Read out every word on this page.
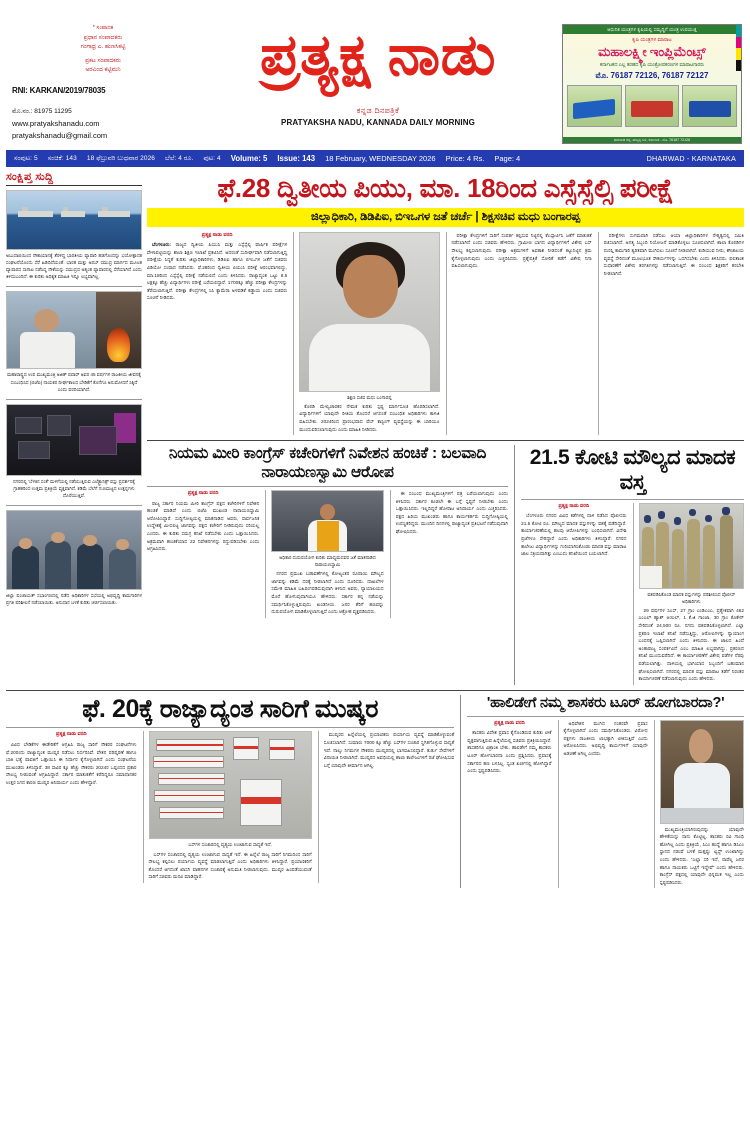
* ಸಂಪಾದಕ
ಪ್ರಧಾನ ಸಂಪಾದಕರು
ಗಂಗಾಧ್ರ ಎ. ಹುಣಸಿಕಟ್ಟಿ
ಪ್ರಕಟ ಸಂಪಾದಕರು
ಅರವಿಂದ ಕಟ್ಟಿಮನಿ
RNI: KARKAN/2019/78035
ಮೊ.ನಂ.: 81975 11295
www.pratyakshanadu.com
pratyakshanadu@gmail.com
ಪ್ರತ್ಯಕ್ಷ ನಾಡು
ಕನ್ನಡ ದಿನಪತ್ರಿಕೆ
PRATYAKSHA NADU, KANNADA DAILY MORNING
ಆಧುನಿಕ ಯಂತ್ರಗಳ ಕೃಷಿಯಲ್ಲಿ ಸಮೃದ್ಧಿಗೆ ಯಂತ್ರ ಉಪಯುಕ್ತ
ಕೃಷಿ ಯಂತ್ರಗಳ ಮಾರಾಟ
ಮಹಾಲಕ್ಷ್ಮೀ ಇಂಪ್ಲಿಮೆಂಟ್ಸ್
ಕರ್ನಾಟಕದ ಎಲ್ಲ ತರಹದ ಕೃಷಿ ಯಂತ್ರೋಪಕರಣಗಳ ಮಾರಾಟಗಾರರು
ಮೊ. 76187 72126, 76187 72127
ಧಾರವಾಡ ರಸ್ತೆ, ಹುಬ್ಬಳ್ಳಿ ಬಳಿ, ಕರ್ನಾಟಕ - ಮೊ. 76187 72126
ಸಂಪುಟ: 5 ಸಂಚಿಕೆ: 143 18 ಫೆಬ್ರುವರಿ ಬುಧವಾರ 2026 ಬೆಲೆ: 4 ರೂ. ಪುಟ: 4 Volume: 5 Issue: 143 18 February, WEDNESDAY 2026 Price: 4 Rs. Page: 4	DHARWAD - KARNATAKA
ಸಂಕ್ಷಿಪ್ತ ಸುದ್ದಿ
ಅಬುದಾಬಿಯಿಂದ ನೌಕಾಯಾನಕ್ಕೆ ತೆರಳಿದ್ದ ಭಾರತೀಯ ವ್ಯಾಪಾರಿ ಹಡಗೊಂದನ್ನು ಭಯೋತ್ಪಾದಕ ಸಂಘಟನೆಯೊಂದು ಸೆರೆ ಹಿಡಿದಿದೆಯಂತೆ. ಭಾರತ ಮತ್ತು ಅರಬ್ ಸಮುದ್ರ ಮಾರ್ಗದ ಮೂಲಕ ವ್ಯಾಪಾರದ ಸಾಗಾಟ ನಡೆಸಿದ್ದ ನೌಕೆಯನ್ನು ಸಮುದ್ರದ ಅತ್ಯಂತ ವ್ಯಾಪಾರದಲ್ಲಿ ಸೆರೆಯಾಗಿದೆ ಎಂದು ತಿಳಿದುಬಂದಿದೆ. ಈ ಕುರಿತು ಅಧಿಕೃತ ಮಾಹಿತಿ ಇನ್ನೂ ಲಭ್ಯವಾಗಿಲ್ಲ.
ಮಹಾರಾಷ್ಟ್ರದ ಉಪ ಮುಖ್ಯಮಂತ್ರಿ ಅಜಿತ್ ಪವಾರ್ ಅವರ 45 ವರ್ಷಗಳ ರಾಜಕೀಯ ಜೀವನಕ್ಕೆ ಸಂಬಂಧಿಸಿದ (ಬಿಜೆಪಿ) ನಾಯಕರ ದೀರ್ಘಕಾಲದ ಬೇಡಿಕೆಗೆ ಕೊನೆಗೂ ಅನುಮೋದನೆ ಸಿಕ್ಕಿದೆ ಎಂದು ವರದಿಯಾಗಿದೆ.
ನಗರದಲ್ಲಿ 'ಬೆಳಕಿನ ಸಂತೆ' ಮಳಿಗೆಯಲ್ಲಿ ನಡೆಯುತ್ತಿರುವ ಎಲೆಕ್ಟ್ರಾನಿಕ್ಸ್ ವಸ್ತು ಪ್ರದರ್ಶನಕ್ಕೆ ಗ್ರಾಹಕರಿಂದ ಉತ್ತಮ ಪ್ರತಿಕ್ರಿಯೆ ವ್ಯಕ್ತವಾಗಿದೆ. ಕಡಿಮೆ ಬೆಲೆಗೆ ಗುಣಮಟ್ಟದ ಉತ್ಪನ್ನಗಳು ದೊರೆಯುತ್ತಿವೆ.
ಜಿಲ್ಲಾ ಪಂಚಾಯತ್ ಸಭಾಂಗಣದಲ್ಲಿ ನಡೆದ ಅಧಿಕಾರಿಗಳ ಸಭೆಯಲ್ಲಿ ಅಭಿವೃದ್ಧಿ ಕಾಮಗಾರಿಗಳ ಪ್ರಗತಿ ಪರಿಶೀಲನೆ ನಡೆಸಲಾಯಿತು. ಅನುದಾನ ಬಳಕೆ ಕುರಿತು ಚರ್ಚಿಸಲಾಯಿತು.
ಫೆ.28 ದ್ವಿತೀಯ ಪಿಯು, ಮಾ. 18ರಿಂದ ಎಸ್ಸೆಸ್ಸೆಲ್ಸಿ ಪರೀಕ್ಷೆ
ಜಿಲ್ಲಾಧಿಕಾರಿ, ಡಿಡಿಪಿಐ, ಬಿಇಒಗಳ ಜತೆ ಚರ್ಚೆ | ಶಿಕ್ಷಸಚಿವ ಮಧು ಬಂಗಾರಪ್ಪ
ಪ್ರತ್ಯಕ್ಷ ನಾಡು ವರದಿ

ಬೆಂಗಳೂರು: ರಾಜ್ಯದ ದ್ವಿತೀಯ ಪಿಯುಸಿ ಮತ್ತು ಎಸ್ಸೆಸ್ಸೆಲ್ಸಿ ವಾರ್ಷಿಕ ಪರೀಕ್ಷೆಗಳ ವೇಳಾಪಟ್ಟಿಯನ್ನು ಶಾಲಾ ಶಿಕ್ಷಣ ಇಲಾಖೆ ಪ್ರಕಟಿಸಿದೆ. ಅದರಂತೆ ಸುದೀರ್ಘವಾಗಿ ನಡೆಸಲಾಗುತ್ತಿದ್ದ ಪರೀಕ್ಷೆಯ ಸಿದ್ಧತೆ ಕುರಿತು ಜಿಲ್ಲಾಧಿಕಾರಿಗಳು, ಡಿಡಿಪಿಐ ಹಾಗೂ ಬಿಇಒಗಳ ಜತೆಗೆ ಸಚಿವರು ವಿಡಿಯೋ ಸಂವಾದ ನಡೆಸಿದರು. ಫೆ.28ರಿಂದ ದ್ವಿತೀಯ ಪಿಯುಸಿ ಪರೀಕ್ಷೆ ಆರಂಭವಾಗಲಿದ್ದು, ಮಾ.18ರಿಂದ ಎಸ್ಸೆಸ್ಸೆಲ್ಸಿ ಪರೀಕ್ಷೆ ನಡೆಯಲಿದೆ ಎಂದು ತಿಳಿಸಿದರು. ರಾಜ್ಯಾದ್ಯಂತ ಒಟ್ಟು 8.5 ಲಕ್ಷಕ್ಕೂ ಹೆಚ್ಚು ವಿದ್ಯಾರ್ಥಿಗಳು ಪರೀಕ್ಷೆ ಬರೆಯಲಿದ್ದಾರೆ. 1700ಕ್ಕೂ ಹೆಚ್ಚು ಪರೀಕ್ಷಾ ಕೇಂದ್ರಗಳನ್ನು ತೆರೆಯಲಾಗುತ್ತಿದೆ. ಪರೀಕ್ಷಾ ಕೇಂದ್ರಗಳಲ್ಲಿ ಸಿಸಿ ಕ್ಯಾಮೆರಾ ಅಳವಡಿಕೆ ಕಡ್ಡಾಯ ಎಂದು ಸಚಿವರು ಸೂಚನೆ ನೀಡಿದರು.

ಶಿಕ್ಷಣ ಸಚಿವ ಮಧು ಬಂಗಾರಪ್ಪ

ಕೊಠಡಿ ಮೇಲ್ವಿಚಾರಕರ ನೇಮಕ ಕುರಿತು ಸ್ಪಷ್ಟ ಮಾರ್ಗಸೂಚಿ ಹೊರಡಿಸಲಾಗಿದೆ. ವಿದ್ಯಾರ್ಥಿಗಳಿಗೆ ಯಾವುದೇ ರೀತಿಯ ತೊಂದರೆ ಆಗದಂತೆ ಸಂಬಂಧಿತ ಅಧಿಕಾರಿಗಳು ಕಾಳಜಿ ವಹಿಸಬೇಕು. 2024ರಿಂದ ಪ್ರಾರಂಭವಾದ ವೆಬ್ ಕಾಸ್ಟಿಂಗ್ ವ್ಯವಸ್ಥೆಯನ್ನು ಈ ಬಾರಿಯೂ ಮುಂದುವರಿಸಲಾಗುವುದು ಎಂದು ಮಾಹಿತಿ ನೀಡಿದರು.

ಪರೀಕ್ಷಾ ಕೇಂದ್ರಗಳಿಗೆ ಸಾರಿಗೆ ಸಂಪರ್ಕ ಕಲ್ಪಿಸುವ ನಿಟ್ಟಿನಲ್ಲಿ ಕೆಎಸ್ಸಾರ್ಟಿಸಿ ಜತೆಗೆ ಮಾತುಕತೆ ನಡೆಸಲಾಗಿದೆ ಎಂದು ಸಚಿವರು ಹೇಳಿದರು. ಗ್ರಾಮೀಣ ಭಾಗದ ವಿದ್ಯಾರ್ಥಿಗಳಿಗೆ ವಿಶೇಷ ಬಸ್ ಸೌಲಭ್ಯ ಕಲ್ಪಿಸಲಾಗುವುದು. ಪರೀಕ್ಷಾ ಅಕ್ರಮಗಳಿಗೆ ಅವಕಾಶ ನೀಡದಂತೆ ಕಟ್ಟುನಿಟ್ಟಿನ ಕ್ರಮ ಕೈಗೊಳ್ಳಲಾಗುವುದು ಎಂದು ಎಚ್ಚರಿಸಿದರು. ಪ್ರಶ್ನೆಪತ್ರಿಕೆ ಸೋರಿಕೆ ತಡೆಗೆ ವಿಶೇಷ ನಿಗಾ ವಹಿಸಲಾಗುವುದು.

ಪರೀಕ್ಷೆಗಳು ಸುಗಮವಾಗಿ ನಡೆಸಲು ಆಯಾ ಜಿಲ್ಲಾಧಿಕಾರಿಗಳ ನೇತೃತ್ವದಲ್ಲಿ ಸಮಿತಿ ರಚಿಸಲಾಗಿದೆ. ಅಗತ್ಯ ಸಿಬ್ಬಂದಿ ನಿಯೋಜನೆ ಮಾಡಿಕೊಳ್ಳಲು ಸೂಚಿಸಲಾಗಿದೆ. ಶಾಲಾ ಕೊಠಡಿಗಳ ದುರಸ್ತಿ ಕಾಮಗಾರಿ ತ್ವರಿತವಾಗಿ ಮುಗಿಸಲು ಸೂಚನೆ ನೀಡಲಾಗಿದೆ. ಕುಡಿಯುವ ನೀರು, ಶೌಚಾಲಯ ವ್ಯವಸ್ಥೆ ಸೇರಿದಂತೆ ಮೂಲಭೂತ ಸೌಕರ್ಯಗಳನ್ನು ಒದಗಿಸಬೇಕು ಎಂದು ತಿಳಿಸಿದರು. ಫಲಿತಾಂಶ ಸುಧಾರಣೆಗೆ ವಿಶೇಷ ತರಗತಿಗಳನ್ನು ನಡೆಸಲಾಗುತ್ತಿದೆ. ಈ ಸಂಬಂಧ ಶಿಕ್ಷಕರಿಗೆ ತರಬೇತಿ ನೀಡಲಾಗಿದೆ.

ನಿಯಮ ಮೀರಿ ಕಾಂಗ್ರೆಸ್ ಕಚೇರಿಗಳಿಗೆ ನಿವೇಶನ ಹಂಚಿಕೆ : ಬಲವಾದಿ ನಾರಾಯಣಸ್ವಾಮಿ ಆರೋಪ
ಪ್ರತ್ಯಕ್ಷ ನಾಡು ವರದಿ

ರಾಜ್ಯ ಸರ್ಕಾರ ನಿಯಮ ಮೀರಿ ಕಾಂಗ್ರೆಸ್ ಪಕ್ಷದ ಕಚೇರಿಗಳಿಗೆ ನಿವೇಶನ ಹಂಚಿಕೆ ಮಾಡಿದೆ ಎಂದು ಬಿಜೆಪಿ ಮುಖಂಡ ನಾರಾಯಣಸ್ವಾಮಿ ಆರೋಪಿಸಿದ್ದಾರೆ. ಸುದ್ದಿಗೋಷ್ಠಿಯಲ್ಲಿ ಮಾತನಾಡಿದ ಅವರು, ಸಾರ್ವಜನಿಕ ಉದ್ದೇಶಕ್ಕೆ ಮೀಸಲಿಟ್ಟ ಜಾಗವನ್ನು ಪಕ್ಷದ ಕಚೇರಿಗೆ ನೀಡಿರುವುದು ಸರಿಯಲ್ಲ ಎಂದರು. ಈ ಕುರಿತು ಸಮಗ್ರ ತನಿಖೆ ನಡೆಸಬೇಕು ಎಂದು ಒತ್ತಾಯಿಸಿದರು. ಅಕ್ರಮವಾಗಿ ಹಂಚಿಕೆಯಾದ 22 ನಿವೇಶನಗಳನ್ನು ರದ್ದುಪಡಿಸಬೇಕು ಎಂದು ಆಗ್ರಹಿಸಿದರು.

ಅಧಿಕಾರ ದುರುಪಯೋಗ ಕುರಿತು ಮಾಧ್ಯಮದವರ ಜತೆ ಮಾತನಾಡಿದ ನಾರಾಯಣಸ್ವಾಮಿ

ನಗರದ ಪ್ರಮುಖ ಬಡಾವಣೆಗಳಲ್ಲಿ ಕೋಟ್ಯಂತರ ರೂಪಾಯಿ ಮೌಲ್ಯದ ಜಾಗವನ್ನು ಕಡಿಮೆ ದರಕ್ಕೆ ನೀಡಲಾಗಿದೆ ಎಂದು ದೂರಿದರು. ದಾಖಲೆಗಳ ಸಮೇತ ಮಾಹಿತಿ ಬಹಿರಂಗಪಡಿಸುವುದಾಗಿ ತಿಳಿಸಿದ ಅವರು, ನ್ಯಾಯಾಲಯದ ಮೊರೆ ಹೋಗುವುದಾಗಿಯೂ ಹೇಳಿದರು. ಸರ್ಕಾರ ತನ್ನ ನಡೆಯನ್ನು ಸಮರ್ಥಿಸಿಕೊಳ್ಳುತ್ತಿರುವುದು ಖಂಡನೀಯ. ಜನರ ತೆರಿಗೆ ಹಣವನ್ನು ದುರುಪಯೋಗ ಮಾಡಿಕೊಳ್ಳಲಾಗುತ್ತಿದೆ ಎಂದು ಆಕ್ರೋಶ ವ್ಯಕ್ತಪಡಿಸಿದರು.

ಈ ಸಂಬಂಧ ಮುಖ್ಯಮಂತ್ರಿಗಳಿಗೆ ಪತ್ರ ಬರೆಯಲಾಗುವುದು ಎಂದು ತಿಳಿಸಿದರು. ಸರ್ಕಾರ ಕೂಡಲೇ ಈ ಬಗ್ಗೆ ಸ್ಪಷ್ಟನೆ ನೀಡಬೇಕು ಎಂದು ಒತ್ತಾಯಿಸಿದರು. ಇಲ್ಲದಿದ್ದರೆ ಹೋರಾಟ ಅನಿವಾರ್ಯ ಎಂದು ಎಚ್ಚರಿಸಿದರು. ಪಕ್ಷದ ಹಿರಿಯ ಮುಖಂಡರು ಹಾಗೂ ಕಾರ್ಯಕರ್ತರು ಸುದ್ದಿಗೋಷ್ಠಿಯಲ್ಲಿ ಉಪಸ್ಥಿತರಿದ್ದರು. ಮುಂದಿನ ದಿನಗಳಲ್ಲಿ ರಾಜ್ಯಾದ್ಯಂತ ಪ್ರತಿಭಟನೆ ನಡೆಸುವುದಾಗಿ ಘೋಷಿಸಿದರು.

21.5 ಕೋಟಿ ಮೌಲ್ಯದ ಮಾದಕ ವಸ್ತ
ಪ್ರತ್ಯಕ್ಷ ನಾಡು ವರದಿ

ಬೆಂಗಳೂರು ನಗರದ ವಿವಿಧ ಕಡೆಗಳಲ್ಲಿ ದಾಳಿ ನಡೆಸಿದ ಪೊಲೀಸರು 21.5 ಕೋಟಿ ರೂ. ಮೌಲ್ಯದ ಮಾದಕ ವಸ್ತುಗಳನ್ನು ವಶಕ್ಕೆ ಪಡೆದಿದ್ದಾರೆ. ಕಾರ್ಯಾಚರಣೆಯಲ್ಲಿ ಹಲವು ಆರೋಪಿಗಳನ್ನು ಬಂಧಿಸಲಾಗಿದೆ. ವಿದೇಶಿ ಪ್ರಜೆಗಳೂ ಸೇರಿದ್ದಾರೆ ಎಂದು ಅಧಿಕಾರಿಗಳು ತಿಳಿಸಿದ್ದಾರೆ. ನಗರದ ಕಾಲೇಜು ವಿದ್ಯಾರ್ಥಿಗಳನ್ನು ಗುರಿಯಾಗಿಸಿಕೊಂಡು ಮಾದಕ ವಸ್ತು ಮಾರಾಟ ಜಾಲ ಸಕ್ರಿಯವಾಗಿತ್ತು ಎಂಬುದು ತನಿಖೆಯಿಂದ ಬಯಲಾಗಿದೆ.

ವಶಪಡಿಸಿಕೊಂಡ ಮಾದಕ ವಸ್ತುಗಳನ್ನು ಪರಿಶೀಲಿಸಿದ ಪೊಲೀಸ್ ಅಧಿಕಾರಿಗಳು

29 ವರ್ಷಗಳ ಸಿಎಸ್, 27 ಗ್ರಾಂ ಎಂಡಿಎಂಎ, ಪ್ರತ್ಯೇಕವಾಗಿ 462 ಎಂಎಲ್ ಹ್ಯಾಶ್ ಆಯಿಲ್, 1 ಕೆ.ಜಿ ಗಾಂಜಾ, 30 ಗ್ರಾಂ ಕೊಕೇನ್ ಸೇರಿದಂತೆ 24,500 ರೂ. ನಗದು ವಶಪಡಿಸಿಕೊಳ್ಳಲಾಗಿದೆ. ಎಲ್ಲಾ ಪ್ರಕರಣ ಇಲಾಖೆ ತನಿಖೆ ನಡೆಸುತ್ತಿದ್ದು, ಆರೋಪಿಗಳನ್ನು ನ್ಯಾಯಾಂಗ ಬಂಧನಕ್ಕೆ ಒಪ್ಪಿಸಲಾಗಿದೆ ಎಂದು ತಿಳಿಸಿದರು. ಈ ಜಾಲದ ಹಿಂದೆ ಅಂತಾರಾಜ್ಯ ಸಂಪರ್ಕವಿದೆ ಎಂಬ ಮಾಹಿತಿ ಲಭ್ಯವಾಗಿದ್ದು, ಪ್ರಕರಣದ ತನಿಖೆ ಮುಂದುವರೆದಿದೆ. ಈ ಕಾರ್ಯಾಚರಣೆಗೆ ವಿಶೇಷ ಪಡೆಗಳ ನೆರವು ಪಡೆಯಲಾಗಿತ್ತು. ದಾಳಿಯಲ್ಲಿ ಭಾಗಿಯಾದ ಸಿಬ್ಬಂದಿಗೆ ಬಹುಮಾನ ಘೋಷಿಸಲಾಗಿದೆ. ನಗರದಲ್ಲಿ ಮಾದಕ ವಸ್ತು ಮಾರಾಟ ತಡೆಗೆ ನಿರಂತರ ಕಾರ್ಯಾಚರಣೆ ನಡೆಸಲಾಗುವುದು ಎಂದು ಹೇಳಿದರು.

ಫೆ. 20ಕ್ಕೆ ರಾಜ್ಯಾದ್ಯಂತ ಸಾರಿಗೆ ಮುಷ್ಕರ
ಪ್ರತ್ಯಕ್ಷ ನಾಡು ವರದಿ

ವಿವಿಧ ಬೇಡಿಕೆಗಳ ಈಡೇರಿಕೆಗೆ ಆಗ್ರಹಿಸಿ ರಾಜ್ಯ ಸಾರಿಗೆ ನೌಕರರ ಸಂಘಟನೆಗಳು ಫೆ.20ರಂದು ರಾಜ್ಯಾದ್ಯಂತ ಮುಷ್ಕರ ನಡೆಸಲು ನಿರ್ಧರಿಸಿವೆ. ವೇತನ ಪರಿಷ್ಕರಣೆ ಹಾಗೂ ಬಾಕಿ ಭತ್ಯೆ ಪಾವತಿಗೆ ಒತ್ತಾಯಿಸಿ ಈ ನಿರ್ಧಾರ ಕೈಗೊಳ್ಳಲಾಗಿದೆ ಎಂದು ಸಂಘಟನೆಯ ಮುಖಂಡರು ತಿಳಿಸಿದ್ದಾರೆ. 38 ಸಾವಿರ ಕ್ಕೂ ಹೆಚ್ಚು ನೌಕರರು 2024ರ ಒಪ್ಪಂದದ ಪ್ರಕಾರ ಸೌಲಭ್ಯ ನೀಡುವಂತೆ ಆಗ್ರಹಿಸಿದ್ದಾರೆ. ಸರ್ಕಾರ ಮಾತುಕತೆಗೆ ಕರೆದಿದ್ದರೂ ಸಮಾಧಾನಕರ ಉತ್ತರ ಸಿಗದ ಕಾರಣ ಮುಷ್ಕರ ಅನಿವಾರ್ಯ ಎಂದು ಹೇಳಿದ್ದಾರೆ.

ಬಸ್‌ಗಳ ಸಂಚಾರದಲ್ಲಿ ವ್ಯತ್ಯಯ ಉಂಟಾಗುವ ಸಾಧ್ಯತೆ ಇದೆ.

ಬಸ್‌ಗಳ ಸಂಚಾರದಲ್ಲಿ ವ್ಯತ್ಯಯ ಉಂಟಾಗುವ ಸಾಧ್ಯತೆ ಇದೆ. ಈ ಹಿನ್ನೆಲೆ ರಾಜ್ಯ ಸಾರಿಗೆ ನಿಗಮದಿಂದ ಸಾರಿಗೆ ಸೌಲಭ್ಯ ಕಲ್ಪಿಸಲು ಪರ್ಯಾಯ ವ್ಯವಸ್ಥೆ ಮಾಡಲಾಗುತ್ತಿದೆ ಎಂದು ಅಧಿಕಾರಿಗಳು ತಿಳಿಸಿದ್ದಾರೆ. ಪ್ರಯಾಣಿಕರಿಗೆ ತೊಂದರೆ ಆಗದಂತೆ ಖಾಸಗಿ ವಾಹನಗಳ ಸಂಚಾರಕ್ಕೆ ಅನುಮತಿ ನೀಡಲಾಗುವುದು. ಮುಷ್ಕರ ಹಿಂಪಡೆಯುವಂತೆ ಸಾರಿಗೆ ಸಚಿವರು ಮನವಿ ಮಾಡಿದ್ದಾರೆ.

ಮುಷ್ಕರದ ಹಿನ್ನೆಲೆಯಲ್ಲಿ ಪ್ರಯಾಣಿಕರು ಪರ್ಯಾಯ ವ್ಯವಸ್ಥೆ ಮಾಡಿಕೊಳ್ಳುವಂತೆ ಸೂಚಿಸಲಾಗಿದೆ. ಸುಮಾರು 7000 ಕ್ಕೂ ಹೆಚ್ಚು ಬಸ್‌ಗಳ ಸಂಚಾರ ಸ್ಥಗಿತಗೊಳ್ಳುವ ಸಾಧ್ಯತೆ ಇದೆ. ನಾಲ್ಕು ನಿಗಮಗಳ ನೌಕರರು ಮುಷ್ಕರದಲ್ಲಿ ಭಾಗವಹಿಸಲಿದ್ದಾರೆ. ತುರ್ತು ಸೇವೆಗಳಿಗೆ ವಿನಾಯಿತಿ ನೀಡಲಾಗಿದೆ. ಮುಷ್ಕರದ ಅವಧಿಯಲ್ಲಿ ಶಾಲಾ ಕಾಲೇಜುಗಳಿಗೆ ರಜೆ ಘೋಷಿಸುವ ಬಗ್ಗೆ ಯಾವುದೇ ತೀರ್ಮಾನ ಆಗಿಲ್ಲ.

'ಹಾಲಿಡೇಗೆ ನಮ್ಮ ಶಾಸಕರು ಟೂರ್ ಹೋಗಬಾರದಾ?'
ಪ್ರತ್ಯಕ್ಷ ನಾಡು ವರದಿ

ಶಾಸಕರು ವಿದೇಶ ಪ್ರವಾಸ ಕೈಗೊಂಡಿರುವ ಕುರಿತು ಟೀಕೆ ವ್ಯಕ್ತವಾಗುತ್ತಿರುವ ಹಿನ್ನೆಲೆಯಲ್ಲಿ ಸಚಿವರು ಪ್ರತಿಕ್ರಿಯಿಸಿದ್ದಾರೆ. ಶಾಸಕರಿಗೂ ವಿಶ್ರಾಂತಿ ಬೇಕು. ಹಾಲಿಡೇಗೆ ನಮ್ಮ ಶಾಸಕರು ಟೂರ್ ಹೋಗಬಾರದಾ ಎಂದು ಪ್ರಶ್ನಿಸಿದರು. ಪ್ರವಾಸಕ್ಕೆ ಸರ್ಕಾರದ ಹಣ ಬಳಸಿಲ್ಲ. ಸ್ವಂತ ಖರ್ಚಿನಲ್ಲಿ ಹೋಗಿದ್ದಾರೆ ಎಂದು ಸ್ಪಷ್ಟಪಡಿಸಿದರು.

ಅಧಿವೇಶನ ಮುಗಿದ ನಂತರವೇ ಪ್ರವಾಸ ಕೈಗೊಳ್ಳಲಾಗಿದೆ ಎಂದು ಸಮರ್ಥಿಸಿಕೊಂಡರು. ವಿರೋಧ ಪಕ್ಷಗಳು ರಾಜಕೀಯ ಲಾಭಕ್ಕಾಗಿ ಟೀಕಿಸುತ್ತಿವೆ ಎಂದು ಆರೋಪಿಸಿದರು. ಅಭಿವೃದ್ಧಿ ಕಾರ್ಯಗಳಿಗೆ ಯಾವುದೇ ಅಡಚಣೆ ಆಗಿಲ್ಲ ಎಂದರು.

ಮುಖ್ಯಮಂತ್ರಿಯಾಗಿರುವುದನ್ನು ಯಾವುದೇ ಹೇಳಿಕೆಯನ್ನು ನಾನು ಕೊಟ್ಟಿಲ್ಲ. ಶಾಸಕರು ರವಿ ಗಾಂಧಿ ಹೋಗಿಲ್ಲ ಎಂದು ಪ್ರತಿಕ್ರಿಯೆ, ಸಿಎಂ ಹುದ್ದೆ ಹಾಗೂ ಡಿಸಿಎಂ ಸ್ಥಾನದ ನಡುವೆ ಬಳಕೆ ಮತ್ತಷ್ಟು ಟ್ವಿಸ್ಟ್ ಉಂಟಾಗಿದ್ದು ಎಂದು ಹೇಳಿದರು. "ಎಲ್ಲಾ ಸರಿ ಇದೆ, ನಾವೆಲ್ಲ ಜನರ ಹಾಗೂ ನಾಯಕರು ಒಟ್ಟಿಗೆ ಇದ್ದೇವೆ" ಎಂದು ಹೇಳಿದರು. ಕಾಂಗ್ರೆಸ್ ಪಕ್ಷದಲ್ಲಿ ಯಾವುದೇ ಭಿನ್ನಮತ ಇಲ್ಲ ಎಂದು ಸ್ಪಷ್ಟಪಡಿಸಿದರು.
